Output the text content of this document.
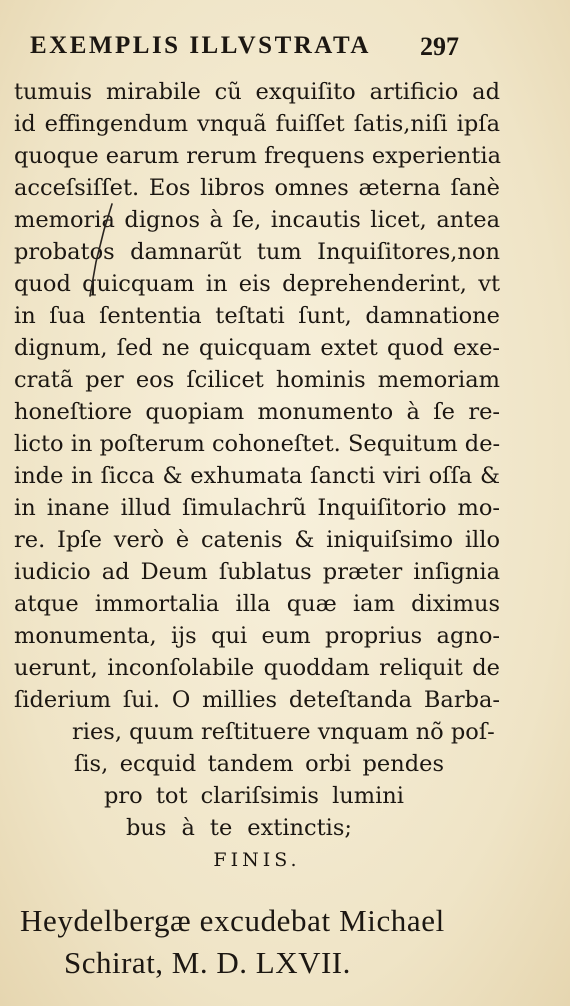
EXEMPLIS ILLVSTRATA 297
tumuis mirabile cũ exquiſito artificio ad
id effingendum vnquã fuiſſet ſatis,niſi ipſa
quoque earum rerum frequens experientia
acceſsiſſet. Eos libros omnes æterna ſanè
memoria dignos à ſe, incautis licet, antea
probatos damnarũt tum Inquiſitores,non
quod quicquam in eis deprehenderint, vt
in ſua ſententia teſtati ſunt, damnatione
dignum, ſed ne quicquam extet quod exe-
cratã per eos ſcilicet hominis memoriam
honeſtiore quopiam monumento à ſe re-
licto in poſterum cohoneſtet. Sequitum de-
inde in ſicca & exhumata ſancti viri oſſa &
in inane illud ſimulachrũ Inquiſitorio mo-
re. Ipſe verò è catenis & iniquiſsimo illo
iudicio ad Deum ſublatus præter inſignia
atque immortalia illa quæ iam diximus
monumenta, ijs qui eum proprius agno-
uerunt, inconſolabile quoddam reliquit de
ſiderium ſui. O millies deteſtanda Barba-
ries, quum reſtituere vnquam nõ poſ-
ſis, ecquid tandem orbi pendes
pro tot clariſsimis lumini
bus à te extinctis;
FINIS.
Heydelbergæ excudebat Michael
Schirat, M. D. LXVII.
